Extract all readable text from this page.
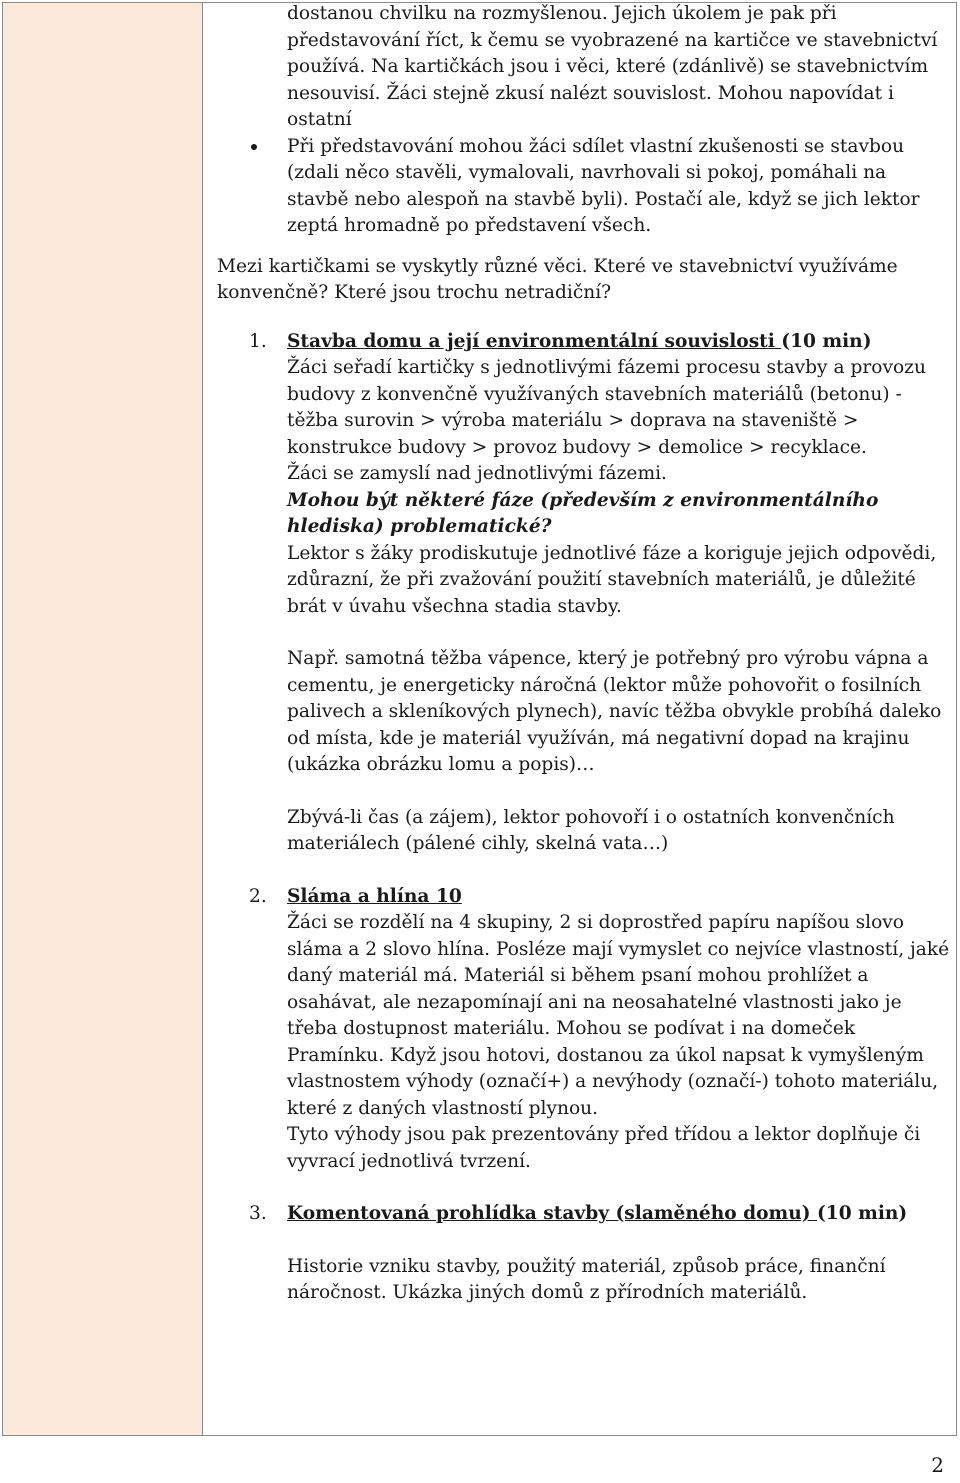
dostanou chvilku na rozmyšlenou. Jejich úkolem je pak při představování říct, k čemu se vyobrazené na kartičce ve stavebnictví používá. Na kartičkách jsou i věci, které (zdánlivě) se stavebnictvím nesouvisí. Žáci stejně zkusí nalézt souvislost. Mohou napovídat i ostatní

Při představování mohou žáci sdílet vlastní zkušenosti se stavbou (zdali něco stavěli, vymalovali, navrhovali si pokoj, pomáhali na stavbě nebo alespoň na stavbě byli). Postačí ale, když se jich lektor zeptá hromadně po představení všech.

Mezi kartičkami se vyskytly různé věci. Které ve stavebnictví využíváme konvenčně? Které jsou trochu netradiční?

1. Stavba domu a její environmentální souvislosti (10 min)

Žáci seřadí kartičky s jednotlivými fázemi procesu stavby a provozu budovy z konvenčně využívaných stavebních materiálů (betonu) - těžba surovin > výroba materiálu > doprava na staveniště > konstrukce budovy > provoz budovy > demolice > recyklace.

Žáci se zamyslí nad jednotlivými fázemi.

Mohou být některé fáze (především z environmentálního hlediska) problematické?

Lektor s žáky prodiskutuje jednotlivé fáze a koriguje jejich odpovědi, zdůrazní, že při zvažování použití stavebních materiálů, je důležité brát v úvahu všechna stadia stavby.

Např. samotná těžba vápence, který je potřebný pro výrobu vápna a cementu, je energeticky náročná (lektor může pohovořit o fosilních palivech a skleníkových plynech), navíc těžba obvykle probíhá daleko od místa, kde je materiál využíván, má negativní dopad na krajinu (ukázka obrázku lomu a popis)…

Zbývá-li čas (a zájem), lektor pohovoří i o ostatních konvenčních materiálech (pálené cihly, skelná vata…)

2. Sláma a hlína 10

Žáci se rozdělí na 4 skupiny, 2 si doprostřed papíru napíšou slovo sláma a 2 slovo hlína. Posléze mají vymyslet co nejvíce vlastností, jaké daný materiál má. Materiál si během psaní mohou prohlížet a osahávat, ale nezapomínají ani na neosahatelné vlastnosti jako je třeba dostupnost materiálu. Mohou se podívat i na domeček Pramínku. Když jsou hotovi, dostanou za úkol napsat k vymyšleným vlastnostem výhody (označí+) a nevýhody (označí-) tohoto materiálu, které z daných vlastností plynou.

Tyto výhody jsou pak prezentovány před třídou a lektor doplňuje či vyvrací jednotlivá tvrzení.

3. Komentovaná prohlídka stavby (slaměného domu) (10 min)

Historie vzniku stavby, použitý materiál, způsob práce, finanční náročnost. Ukázka jiných domů z přírodních materiálů.

2
